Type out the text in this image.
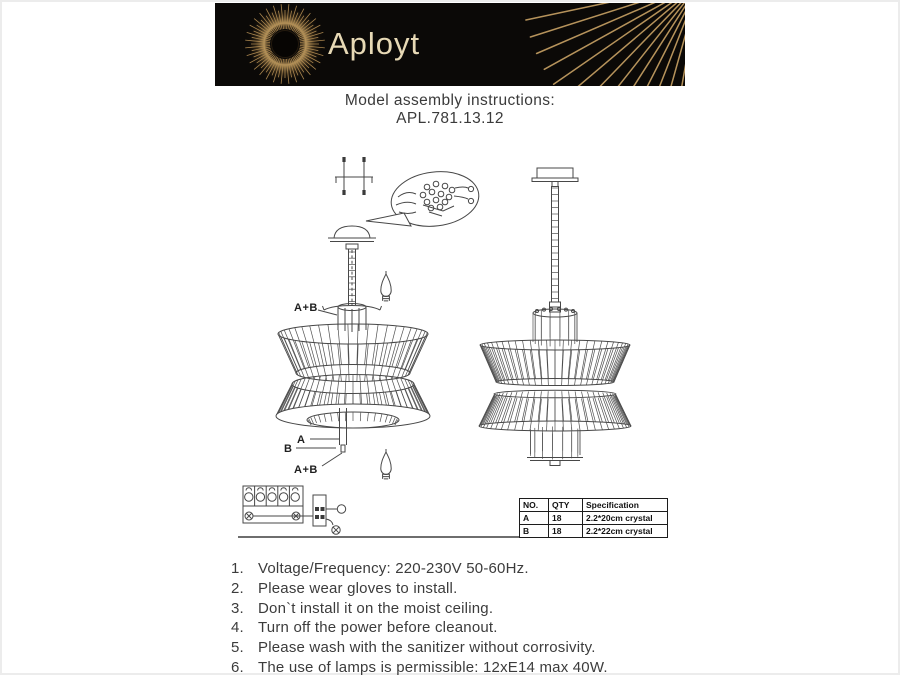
Aployt
Model assembly instructions:
APL.781.13.12
A+B
A
B
A+B
NO.	QTY	Specification
A	18	2.2*20cm crystal
B	18	2.2*22cm crystal
1. Voltage/Frequency: 220-230V 50-60Hz.
2. Please wear gloves to install.
3. Don`t install it on the moist ceiling.
4. Turn off the power before cleanout.
5. Please wash with the sanitizer without corrosivity.
6. The use of lamps is permissible: 12xE14 max 40W.
